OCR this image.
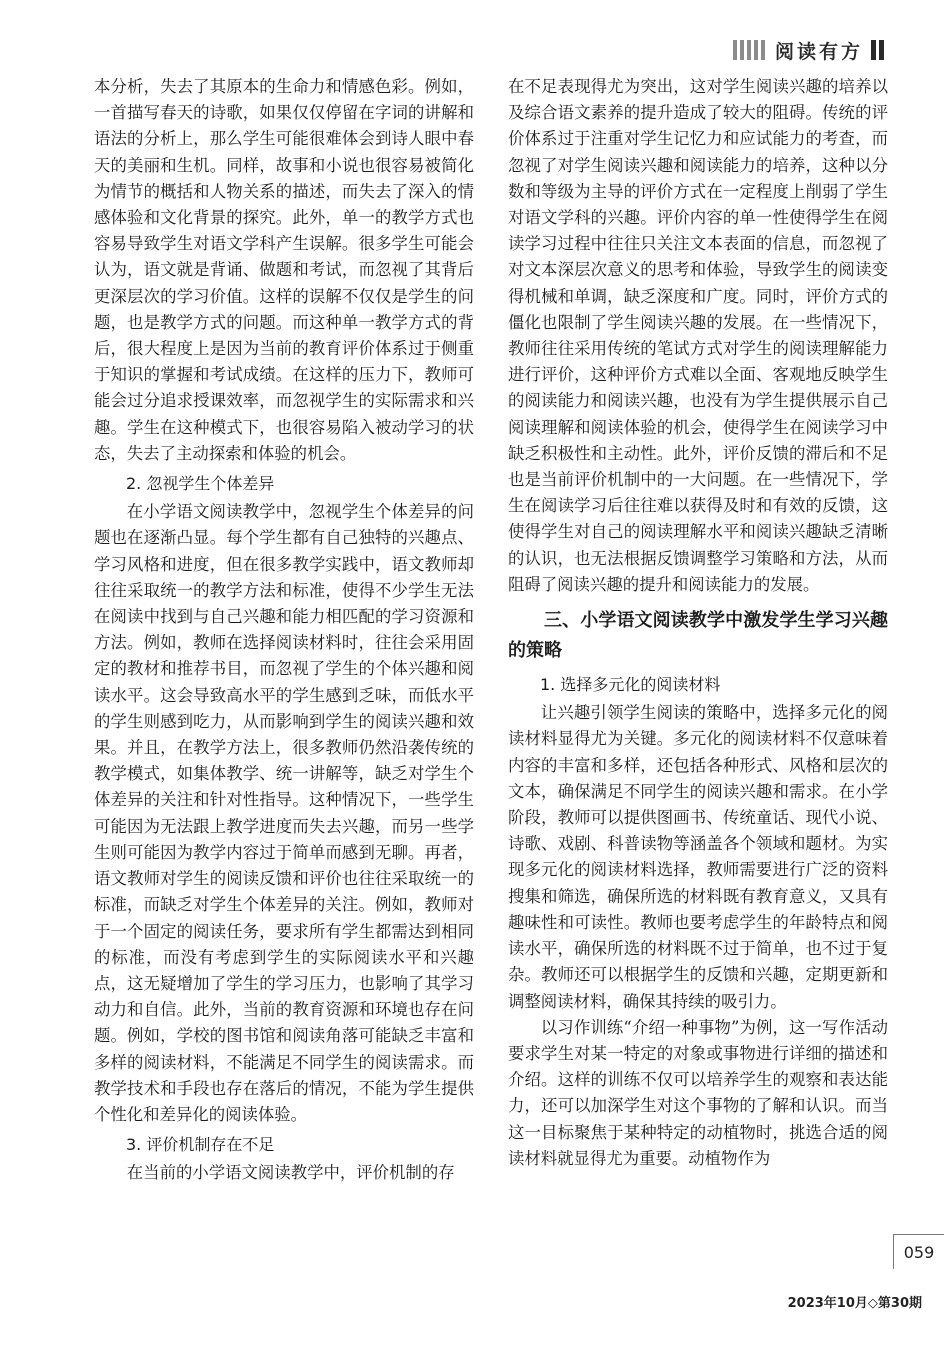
阅读有方

本分析，失去了其原本的生命力和情感色彩。例如，一首描写春天的诗歌，如果仅仅停留在字词的讲解和语法的分析上，那么学生可能很难体会到诗人眼中春天的美丽和生机。同样，故事和小说也很容易被简化为情节的概括和人物关系的描述，而失去了深入的情感体验和文化背景的探究。此外，单一的教学方式也容易导致学生对语文学科产生误解。很多学生可能会认为，语文就是背诵、做题和考试，而忽视了其背后更深层次的学习价值。这样的误解不仅仅是学生的问题，也是教学方式的问题。而这种单一教学方式的背后，很大程度上是因为当前的教育评价体系过于侧重于知识的掌握和考试成绩。在这样的压力下，教师可能会过分追求授课效率，而忽视学生的实际需求和兴趣。学生在这种模式下，也很容易陷入被动学习的状态，失去了主动探索和体验的机会。

2. 忽视学生个体差异

在小学语文阅读教学中，忽视学生个体差异的问题也在逐渐凸显。每个学生都有自己独特的兴趣点、学习风格和进度，但在很多教学实践中，语文教师却往往采取统一的教学方法和标准，使得不少学生无法在阅读中找到与自己兴趣和能力相匹配的学习资源和方法。例如，教师在选择阅读材料时，往往会采用固定的教材和推荐书目，而忽视了学生的个体兴趣和阅读水平。这会导致高水平的学生感到乏味，而低水平的学生则感到吃力，从而影响到学生的阅读兴趣和效果。并且，在教学方法上，很多教师仍然沿袭传统的教学模式，如集体教学、统一讲解等，缺乏对学生个体差异的关注和针对性指导。这种情况下，一些学生可能因为无法跟上教学进度而失去兴趣，而另一些学生则可能因为教学内容过于简单而感到无聊。再者，语文教师对学生的阅读反馈和评价也往往采取统一的标准，而缺乏对学生个体差异的关注。例如，教师对于一个固定的阅读任务，要求所有学生都需达到相同的标准，而没有考虑到学生的实际阅读水平和兴趣点，这无疑增加了学生的学习压力，也影响了其学习动力和自信。此外，当前的教育资源和环境也存在问题。例如，学校的图书馆和阅读角落可能缺乏丰富和多样的阅读材料，不能满足不同学生的阅读需求。而教学技术和手段也存在落后的情况，不能为学生提供个性化和差异化的阅读体验。

3. 评价机制存在不足

在当前的小学语文阅读教学中，评价机制的存

在不足表现得尤为突出，这对学生阅读兴趣的培养以及综合语文素养的提升造成了较大的阻碍。传统的评价体系过于注重对学生记忆力和应试能力的考查，而忽视了对学生阅读兴趣和阅读能力的培养，这种以分数和等级为主导的评价方式在一定程度上削弱了学生对语文学科的兴趣。评价内容的单一性使得学生在阅读学习过程中往往只关注文本表面的信息，而忽视了对文本深层次意义的思考和体验，导致学生的阅读变得机械和单调，缺乏深度和广度。同时，评价方式的僵化也限制了学生阅读兴趣的发展。在一些情况下，教师往往采用传统的笔试方式对学生的阅读理解能力进行评价，这种评价方式难以全面、客观地反映学生的阅读能力和阅读兴趣，也没有为学生提供展示自己阅读理解和阅读体验的机会，使得学生在阅读学习中缺乏积极性和主动性。此外，评价反馈的滞后和不足也是当前评价机制中的一大问题。在一些情况下，学生在阅读学习后往往难以获得及时和有效的反馈，这使得学生对自己的阅读理解水平和阅读兴趣缺乏清晰的认识，也无法根据反馈调整学习策略和方法，从而阻碍了阅读兴趣的提升和阅读能力的发展。

三、小学语文阅读教学中激发学生学习兴趣的策略
1. 选择多元化的阅读材料

让兴趣引领学生阅读的策略中，选择多元化的阅读材料显得尤为关键。多元化的阅读材料不仅意味着内容的丰富和多样，还包括各种形式、风格和层次的文本，确保满足不同学生的阅读兴趣和需求。在小学阶段，教师可以提供图画书、传统童话、现代小说、诗歌、戏剧、科普读物等涵盖各个领域和题材。为实现多元化的阅读材料选择，教师需要进行广泛的资料搜集和筛选，确保所选的材料既有教育意义，又具有趣味性和可读性。教师也要考虑学生的年龄特点和阅读水平，确保所选的材料既不过于简单，也不过于复杂。教师还可以根据学生的反馈和兴趣，定期更新和调整阅读材料，确保其持续的吸引力。

以习作训练“介绍一种事物”为例，这一写作活动要求学生对某一特定的对象或事物进行详细的描述和介绍。这样的训练不仅可以培养学生的观察和表达能力，还可以加深学生对这个事物的了解和认识。而当这一目标聚焦于某种特定的动植物时，挑选合适的阅读材料就显得尤为重要。动植物作为

059
2023年10月◇第30期
